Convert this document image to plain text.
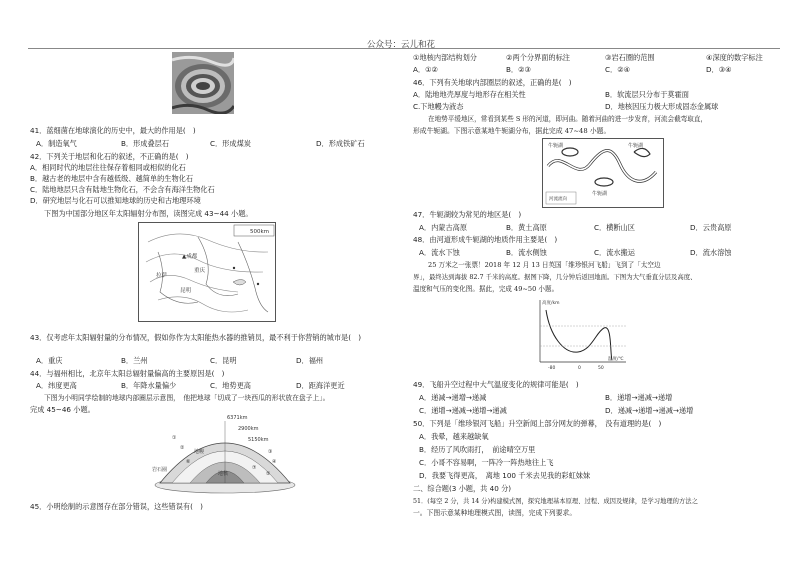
公众号：云儿和花
41．蓝细菌在地球演化的历史中，最大的作用是(　)
A．制造氧气	B．形成叠层石	C．形成煤炭	D．形成铁矿石
42．下列关于地层和化石的叙述，不正确的是(　)
A．相同时代的地层往往保存着相同或相似的化石
B．越古老的地层中含有越低级、越简单的生物化石
C．陆地地层只含有陆地生物化石，不会含有海洋生物化石
D．研究地层与化石可以推知地球的历史和古地理环境
下图为中国部分地区年太阳辐射分布图，读图完成 43~44 小题。
500km
拉萨
▲成都
重庆
昆明
43．仅考虑年太阳辐射量的分布情况，假如你作为太阳能热水器的推销员，最不利于你营销的城市是(　)
A．重庆	B．兰州	C．昆明	D．福州
44．与福州相比，北京年太阳总辐射量偏高的主要原因是(　)
A．纬度更高	B．年降水量偏少	C．地势更高	D．距海洋更近
下图为小明同学绘制的地球内部圈层示意图，　他把地球「切成了一块西瓜的形状放在盘子上」。
完成 45~46 小题。
6371km
2900km
5150km
岩石圈
地幔
地核
①
②
③
④
⑤
⑥
⑦
45．小明绘制的示意图存在部分错误，这些错误有(　)
①地核内部结构划分	②两个分界面的标注	③岩石圈的范围	④深度的数字标注
A．①②	B．②③	C．②④	D．③④
46．下列有关地球内部圈层的叙述，正确的是(　)
A．陆地地壳厚度与地形存在相关性	B．软流层只分布于莫霍面
C.下地幔为液态	D．地核因压力极大形成固态金属球
在地势平缓地区，常看到某些 S 形的河道，即河曲。随着河曲的进一步发育，河流会截弯取直，
形成牛轭湖。下图示意某地牛轭湖分布，据此完成 47~48 小题。
牛轭湖
牛轭湖
牛轭湖
河流流向
47．牛轭湖较为常见的地区是(　)
A．内蒙古高原	B．黄土高原	C．横断山区	D．云贵高原
48．由河道形成牛轭湖的地质作用主要是(　)
A．流水下蚀	B．流水侧蚀	C．流水搬运	D．流水溶蚀
25 万米之一张票！2018 年 12 月 13 日英国「维珍银河飞船」飞到了「太空边
界」，最终达到海拔 82.7 千米的高度。据图下降，几分钟后返回地面。下图为大气垂直分层及高度、
温度和气压的变化图。据此，完成 49~50 小题。
高度/km
温度/℃
-80	0	50
49．飞船升空过程中大气温度变化的规律可能是(　)
A．递减→递增→递减	B．递增→递减→递增
C．递增→递减→递增→递减	D．递减→递增→递减→递增
50．下列是「维珍银河飞船」升空新闻上部分网友的弹幕，　没有道理的是(　)
A．我晕，越来越缺氧
B．经历了风吹雨打，　前途晴空万里
C．小哥不容易啊，一阵冷一阵热地往上飞
D．我要飞得更高，　离地 100 千米去见我的彩虹妹妹
二、综合题(3 小题，共 40 分)
51．(每空 2 分，共 14 分)构建模式图，探究地理基本原理、过程、成因及规律，是学习地理的方法之
一。下图示意某种地理模式图，读图，完成下列要求。
